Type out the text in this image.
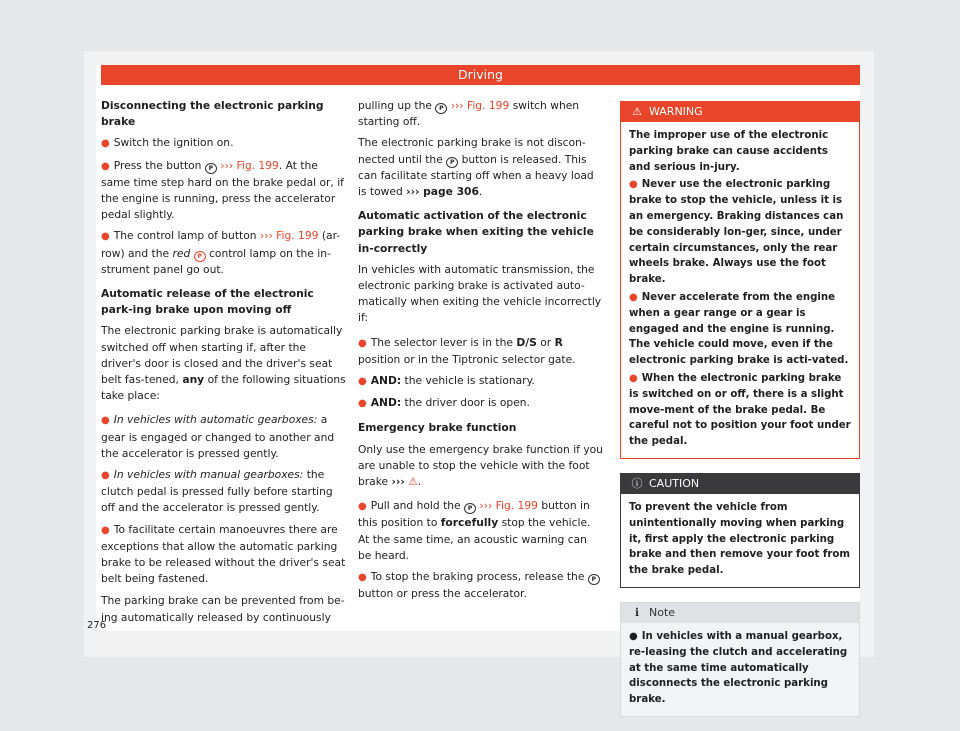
Driving

Disconnecting the electronic parking brake

● Switch the ignition on.

● Press the button P ››› Fig. 199. At the same time step hard on the brake pedal or, if the engine is running, press the accelerator pedal slightly.

● The control lamp of button ››› Fig. 199 (ar-row) and the red P control lamp on the in-strument panel go out.

Automatic release of the electronic park-ing brake upon moving off

The electronic parking brake is automatically switched off when starting if, after the driver's door is closed and the driver's seat belt fas-tened, any of the following situations take place:

● In vehicles with automatic gearboxes: a gear is engaged or changed to another and the accelerator is pressed gently.

● In vehicles with manual gearboxes: the clutch pedal is pressed fully before starting off and the accelerator is pressed gently.

● To facilitate certain manoeuvres there are exceptions that allow the automatic parking brake to be released without the driver's seat belt being fastened.

The parking brake can be prevented from be-ing automatically released by continuously

pulling up the P ››› Fig. 199 switch when starting off.

The electronic parking brake is not discon-nected until the P button is released. This can facilitate starting off when a heavy load is towed ››› page 306.

Automatic activation of the electronic parking brake when exiting the vehicle in-correctly

In vehicles with automatic transmission, the electronic parking brake is activated auto-matically when exiting the vehicle incorrectly if:

● The selector lever is in the D/S or R position or in the Tiptronic selector gate.

● AND: the vehicle is stationary.

● AND: the driver door is open.

Emergency brake function

Only use the emergency brake function if you are unable to stop the vehicle with the foot brake ››› ⚠.

● Pull and hold the P ››› Fig. 199 button in this position to forcefully stop the vehicle. At the same time, an acoustic warning can be heard.

● To stop the braking process, release the P button or press the accelerator.

⚠ WARNING

The improper use of the electronic parking brake can cause accidents and serious in-jury.

● Never use the electronic parking brake to stop the vehicle, unless it is an emergency. Braking distances can be considerably lon-ger, since, under certain circumstances, only the rear wheels brake. Always use the foot brake.

● Never accelerate from the engine when a gear range or a gear is engaged and the engine is running. The vehicle could move, even if the electronic parking brake is acti-vated.

● When the electronic parking brake is switched on or off, there is a slight move-ment of the brake pedal. Be careful not to position your foot under the pedal.

ⓘ CAUTION

To prevent the vehicle from unintentionally moving when parking it, first apply the electronic parking brake and then remove your foot from the brake pedal.

ℹ Note

● In vehicles with a manual gearbox, re-leasing the clutch and accelerating at the same time automatically disconnects the electronic parking brake.

276
